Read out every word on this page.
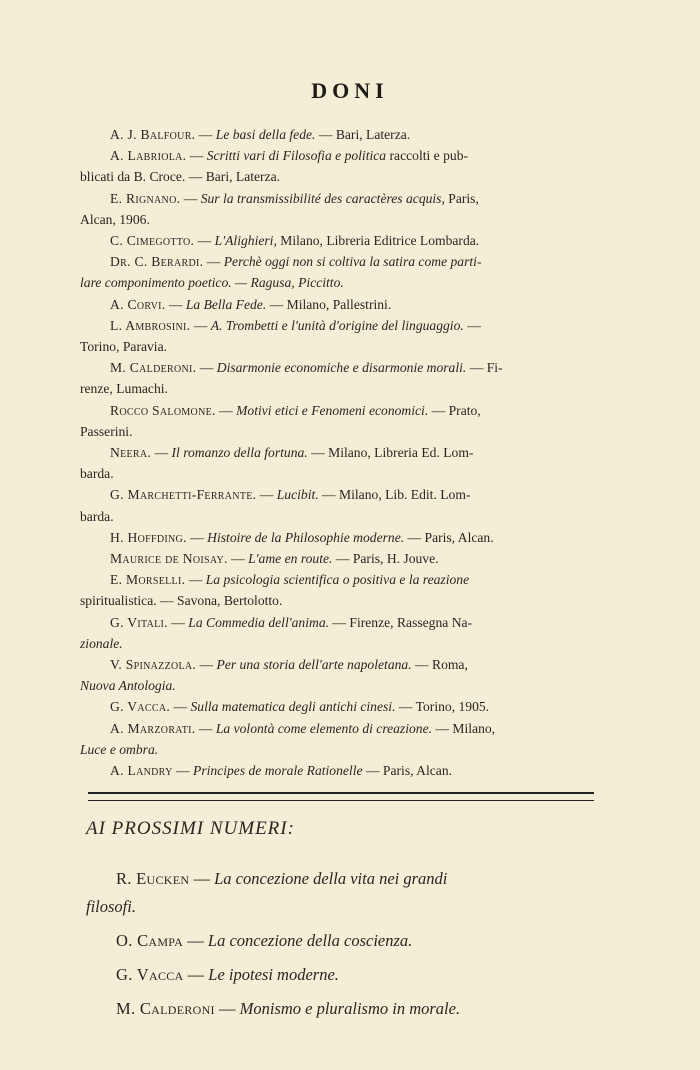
DONI
A. J. Balfour. — Le basi della fede. — Bari, Laterza.
A. Labriola. — Scritti vari di Filosofia e politica raccolti e pub-
blicati da B. Croce. — Bari, Laterza.
E. Rignano. — Sur la transmissibilité des caractères acquis, Paris,
Alcan, 1906.
C. Cimegotto. — L'Alighieri, Milano, Libreria Editrice Lombarda.
Dr. C. Berardi. — Perchè oggi non si coltiva la satira come parti-
lare componimento poetico. — Ragusa, Piccitto.
A. Corvi. — La Bella Fede. — Milano, Pallestrini.
L. Ambrosini. — A. Trombetti e l'unità d'origine del linguaggio. —
Torino, Paravia.
M. Calderoni. — Disarmonie economiche e disarmonie morali. — Fi-
renze, Lumachi.
Rocco Salomone. — Motivi etici e Fenomeni economici. — Prato,
Passerini.
Neera. — Il romanzo della fortuna. — Milano, Libreria Ed. Lom-
barda.
G. Marchetti-Ferrante. — Lucibit. — Milano, Lib. Edit. Lom-
barda.
H. Hoffding. — Histoire de la Philosophie moderne. — Paris, Alcan.
Maurice de Noisay. — L'ame en route. — Paris, H. Jouve.
E. Morselli. — La psicologia scientifica o positiva e la reazione
spiritualistica. — Savona, Bertolotto.
G. Vitali. — La Commedia dell'anima. — Firenze, Rassegna Na-
zionale.
V. Spinazzola. — Per una storia dell'arte napoletana. — Roma,
Nuova Antologia.
G. Vacca. — Sulla matematica degli antichi cinesi. — Torino, 1905.
A. Marzorati. — La volontà come elemento di creazione. — Milano,
Luce e ombra.
A. Landry — Principes de morale Rationelle — Paris, Alcan.
AI PROSSIMI NUMERI:
R. Eucken — La concezione della vita nei grandi
filosofi.
O. Campa — La concezione della coscienza.
G. Vacca — Le ipotesi moderne.
M. Calderoni — Monismo e pluralismo in morale.
